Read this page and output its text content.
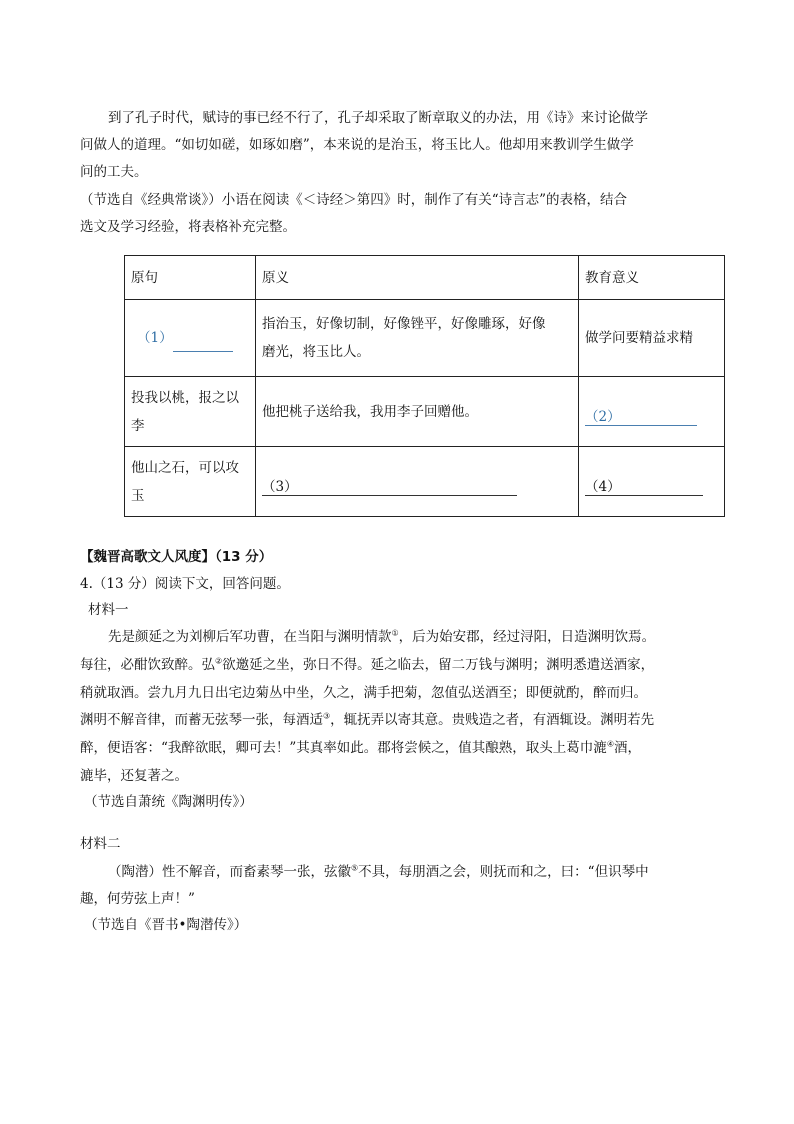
到了孔子时代，赋诗的事已经不行了，孔子却采取了断章取义的办法，用《诗》来讨论做学
问做人的道理。“如切如磋，如琢如磨”，本来说的是治玉，将玉比人。他却用来教训学生做学
问的工夫。
（节选自《经典常谈》）小语在阅读《＜诗经＞第四》时，制作了有关“诗言志”的表格，结合
选文及学习经验，将表格补充完整。
原句	原义	教育意义
（1）	指治玉，好像切制，好像锉平，好像雕琢，好像
磨光，将玉比人。	做学问要精益求精

投我以桃，报之以
李	他把桃子送给我，我用李子回赠他。	（2）

他山之石，可以攻
玉	（3）	（4）
【魏晋高歌文人风度】（13 分）
4.（13 分）阅读下文，回答问题。
材料一
先是颜延之为刘柳后军功曹，在当阳与渊明情款①，后为始安郡，经过浔阳，日造渊明饮焉。
每往，必酣饮致醉。弘②欲邀延之坐，弥日不得。延之临去，留二万钱与渊明；渊明悉遣送酒家，
稍就取酒。尝九月九日出宅边菊丛中坐，久之，满手把菊，忽值弘送酒至；即便就酌，醉而归。
渊明不解音律，而蓄无弦琴一张，每酒适③，辄抚弄以寄其意。贵贱造之者，有酒辄设。渊明若先
醉，便语客：“我醉欲眠，卿可去！”其真率如此。郡将尝候之，值其酿熟，取头上葛巾漉④酒，
漉毕，还复著之。
（节选自萧统《陶渊明传》）
材料二
（陶潜）性不解音，而畜素琴一张，弦徽⑤不具，每朋酒之会，则抚而和之，曰：“但识琴中
趣，何劳弦上声！”
（节选自《晋书•陶潜传》）
